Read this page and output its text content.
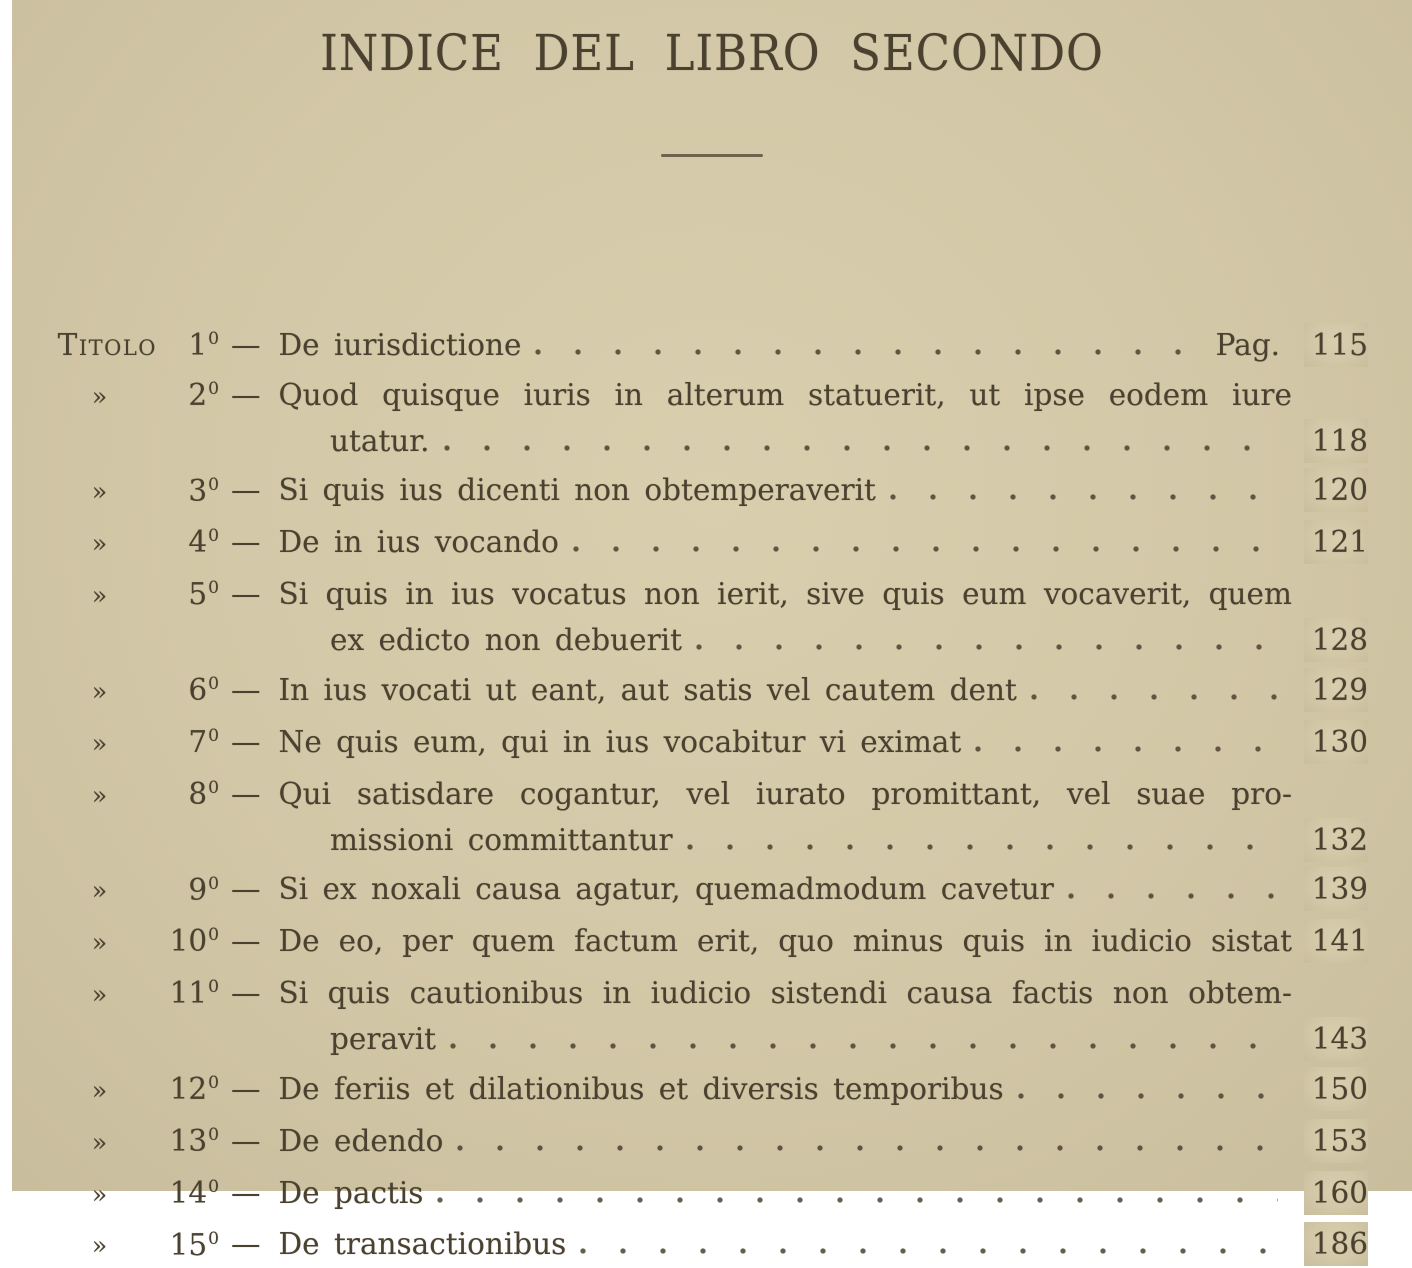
INDICE DEL LIBRO SECONDO
Titolo	$1^0$ — De iurisdictione	Pag. 115
»	$2^0$ — Quod quisque iuris in alterum statuerit, ut ipse eodem iure
utatur.	118
»	$3^0$ — Si quis ius dicenti non obtemperaverit	120
»	$4^0$ — De in ius vocando	121
»	$5^0$ — Si quis in ius vocatus non ierit, sive quis eum vocaverit, quem
ex edicto non debuerit	128
»	$6^0$ — In ius vocati ut eant, aut satis vel cautem dent	129
»	$7^0$ — Ne quis eum, qui in ius vocabitur vi eximat	130
»	$8^0$ — Qui satisdare cogantur, vel iurato promittant, vel suae pro-
missioni committantur	132
»	$9^0$ — Si ex noxali causa agatur, quemadmodum cavetur	139
»	$10^0$ — De eo, per quem factum erit, quo minus quis in iudicio sistat 141
»	$11^0$ — Si quis cautionibus in iudicio sistendi causa factis non obtem-
peravit	143
»	$12^0$ — De feriis et dilationibus et diversis temporibus	150
»	$13^0$ — De edendo	153
»	$14^0$ — De pactis	160
»	$15^0$ — De transactionibus	186
